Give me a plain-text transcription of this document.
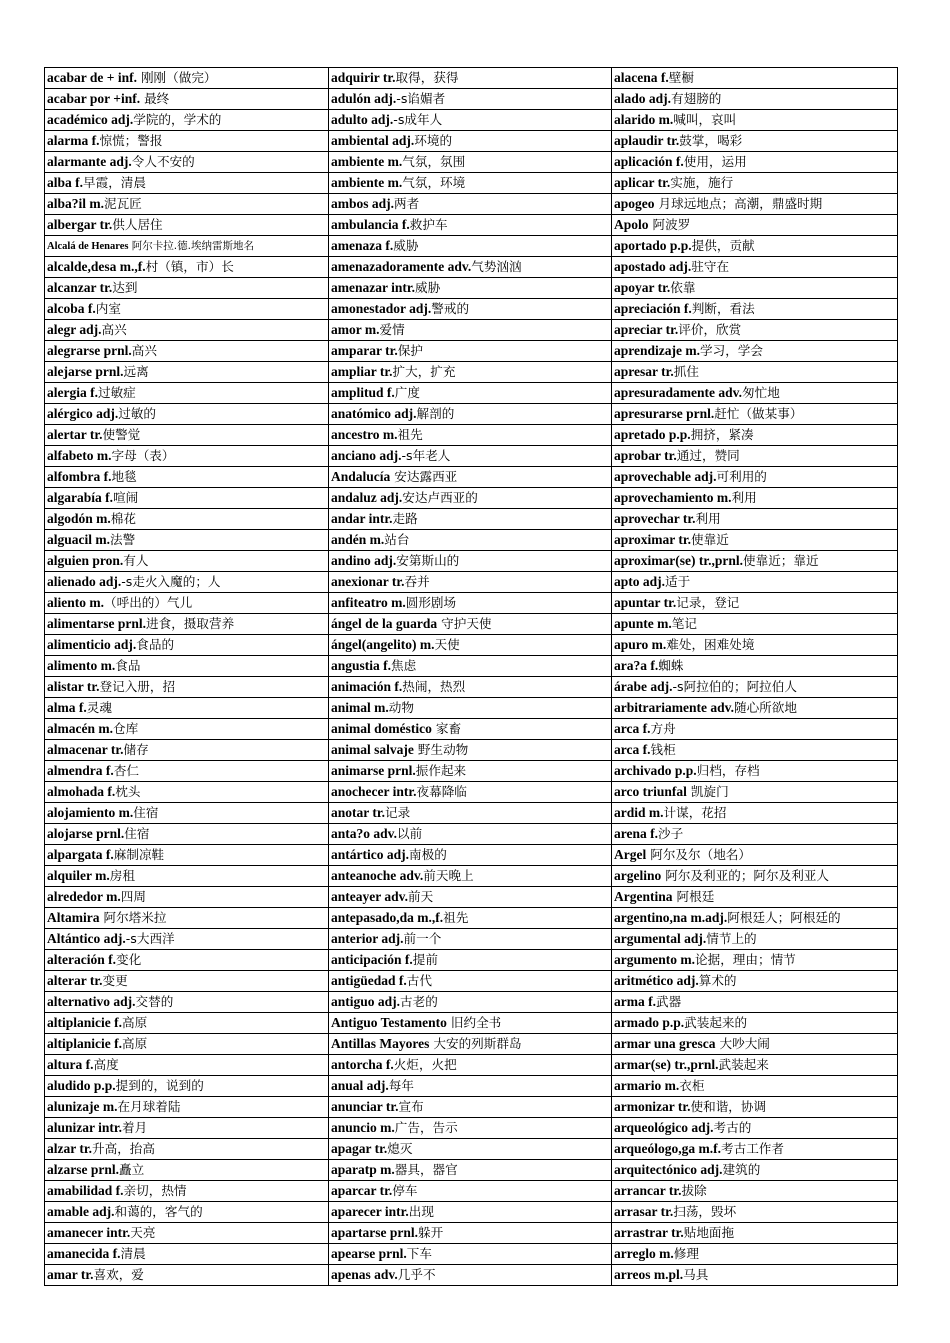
acabar de + inf. 刚刚（做完）	adquirir tr.取得，获得	alacena f.壁橱
acabar por +inf. 最终	adulón adj.-s谄媚者	alado adj.有翅膀的
académico adj.学院的，学术的	adulto adj.-s成年人	alarido m.喊叫，哀叫
alarma f.惊慌；警报	ambiental adj.环境的	aplaudir tr.鼓掌，喝彩
alarmante adj.令人不安的	ambiente m.气氛，氛围	aplicación f.使用，运用
alba f.早霞，清晨	ambiente m.气氛，环境	aplicar tr.实施，施行
alba?il m.泥瓦匠	ambos adj.两者	apogeo 月球远地点；高潮，鼎盛时期
albergar tr.供人居住	ambulancia f.救护车	Apolo 阿波罗
Alcalá de Henares 阿尔卡拉.德.埃纳雷斯地名	amenaza f.威胁	aportado p.p.提供，贡献
alcalde,desa m.,f.村（镇，市）长	amenazadoramente adv.气势汹汹	apostado adj.驻守在
alcanzar tr.达到	amenazar intr.威胁	apoyar tr.依靠
alcoba f.内室	amonestador adj.警戒的	apreciación f.判断，看法
alegr adj.高兴	amor m.爱情	apreciar tr.评价，欣赏
alegrarse prnl.高兴	amparar tr.保护	aprendizaje m.学习，学会
alejarse prnl.远离	ampliar tr.扩大，扩充	apresar tr.抓住
alergia f.过敏症	amplitud f.广度	apresuradamente adv.匆忙地
alérgico adj.过敏的	anatómico adj.解剖的	apresurarse prnl.赶忙（做某事）
alertar tr.使警觉	ancestro m.祖先	apretado p.p.拥挤，紧凑
alfabeto m.字母（表）	anciano adj.-s年老人	aprobar tr.通过，赞同
alfombra f.地毯	Andalucía 安达露西亚	aprovechable adj.可利用的
algarabía f.喧闹	andaluz adj.安达卢西亚的	aprovechamiento m.利用
algodón m.棉花	andar intr.走路	aprovechar tr.利用
alguacil m.法警	andén m.站台	aproximar tr.使靠近
alguien pron.有人	andino adj.安第斯山的	aproximar(se) tr.,prnl.使靠近；靠近
alienado adj.-s走火入魔的；人	anexionar tr.吞并	apto adj.适于
aliento m.（呼出的）气儿	anfiteatro m.圆形剧场	apuntar tr.记录，登记
alimentarse prnl.进食，摄取营养	ángel de la guarda 守护天使	apunte m.笔记
alimenticio adj.食品的	ángel(angelito) m.天使	apuro m.难处，困难处境
alimento m.食品	angustia f.焦虑	ara?a f.蜘蛛
alistar tr.登记入册，招	animación f.热闹，热烈	árabe adj.-s阿拉伯的；阿拉伯人
alma f.灵魂	animal m.动物	arbitrariamente adv.随心所欲地
almacén m.仓库	animal doméstico 家畜	arca f.方舟
almacenar tr.储存	animal salvaje 野生动物	arca f.钱柜
almendra f.杏仁	animarse prnl.振作起来	archivado p.p.归档，存档
almohada f.枕头	anochecer intr.夜幕降临	arco triunfal 凯旋门
alojamiento m.住宿	anotar tr.记录	ardid m.计谋，花招
alojarse prnl.住宿	anta?o adv.以前	arena f.沙子
alpargata f.麻制凉鞋	antártico adj.南极的	Argel 阿尔及尔（地名）
alquiler m.房租	anteanoche adv.前天晚上	argelino 阿尔及利亚的；阿尔及利亚人
alrededor m.四周	anteayer adv.前天	Argentina 阿根廷
Altamira 阿尔塔米拉	antepasado,da m.,f.祖先	argentino,na m.adj.阿根廷人；阿根廷的
Altántico adj.-s大西洋	anterior adj.前一个	argumental adj.情节上的
alteración f.变化	anticipación f.提前	argumento m.论据，理由；情节
alterar tr.变更	antigüedad f.古代	aritmético adj.算术的
alternativo adj.交替的	antiguo adj.古老的	arma f.武器
altiplanicie f.高原	Antiguo Testamento 旧约全书	armado p.p.武装起来的
altiplanicie f.高原	Antillas Mayores 大安的列斯群岛	armar una gresca 大吵大闹
altura f.高度	antorcha f.火炬，火把	armar(se) tr.,prnl.武装起来
aludido p.p.提到的，说到的	anual adj.每年	armario m.衣柜
alunizaje m.在月球着陆	anunciar tr.宣布	armonizar tr.使和谐，协调
alunizar intr.着月	anuncio m.广告，告示	arqueológico adj.考古的
alzar tr.升高，抬高	apagar tr.熄灭	arqueólogo,ga m.f.考古工作者
alzarse prnl.矗立	aparatp m.器具，器官	arquitectónico adj.建筑的
amabilidad f.亲切，热情	aparcar tr.停车	arrancar tr.拔除
amable adj.和蔼的，客气的	aparecer intr.出现	arrasar tr.扫荡，毁坏
amanecer intr.天亮	apartarse prnl.躲开	arrastrar tr.贴地面拖
amanecida f.清晨	apearse prnl.下车	arreglo m.修理
amar tr.喜欢，爱	apenas adv.几乎不	arreos m.pl.马具
